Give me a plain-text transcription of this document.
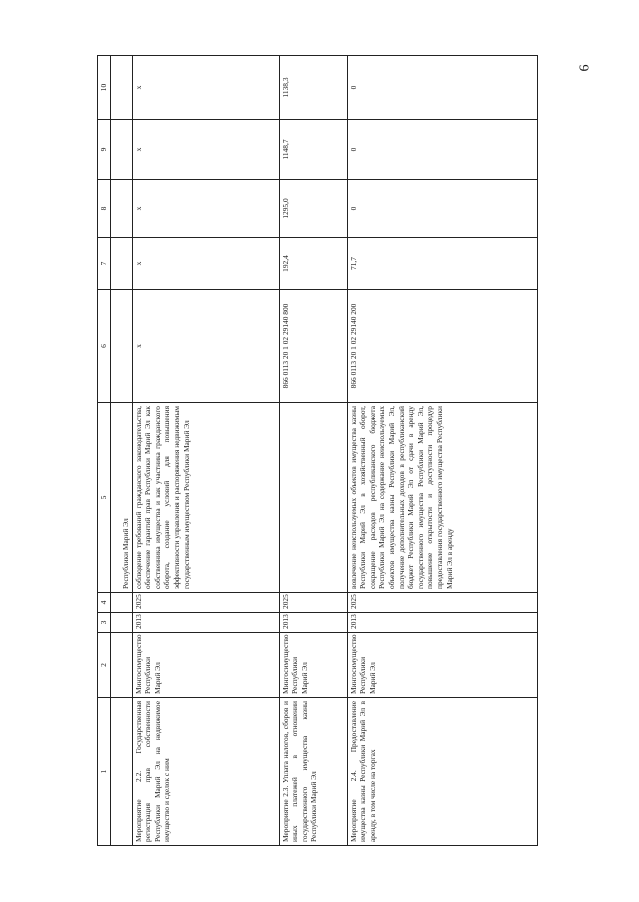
6
1	2	3	4	5	6	7	8	9	10
				Республики Марий Эл					
Мероприятие 2.2. Государственная регистрация прав собственности Республики Марий Эл на недвижимое имущество и сделок с ним	Мингосимущество Республики Марий Эл	2013	2025	соблюдение требований гражданского законодательства, обеспечение гарантий прав Республики Марий Эл как собственника имущества и как участника гражданского оборота, создание условий для повышения эффективности управления и распоряжения недвижимым государственным имуществом Республики Марий Эл	х	х	х	х	х
Мероприятие 2.3. Уплата налогов, сборов и иных платежей в отношении государственного имущества казны Республики Марий Эл	Мингосимущество Республики Марий Эл	2013	2025		866 0113 20 1 02 29140 800	192,4	1295,0	1148,7	1138,3
Мероприятие 2.4. Предоставление имущества казны Республики Марий Эл в аренду, в том числе на торгах	Мингосимущество Республики Марий Эл	2013	2025	вовлечение неиспользуемых объектов имущества казны Республики Марий Эл в хозяйственный оборот, сокращение расходов республиканского бюджета Республики Марий Эл на содержание неиспользуемых объектов имущества казны Республики Марий Эл, получение дополнительных доходов в республиканский бюджет Республики Марий Эл от сдачи в аренду государственного имущества Республики Марий Эл, повышение открытости и доступности процедур предоставления государственного имущества Республики Марий Эл в аренду	866 0113 20 1 02 29140 200	71,7	0	0	0
